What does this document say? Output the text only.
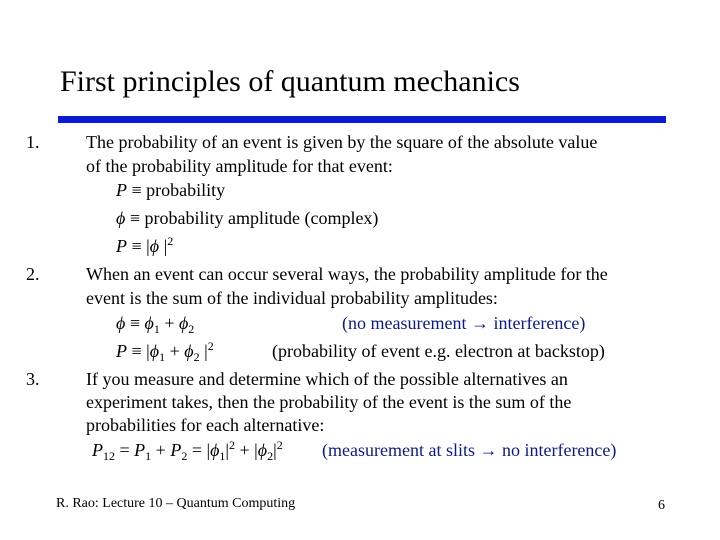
First principles of quantum mechanics
1.	The probability of an event is given by the square of the absolute value
of the probability amplitude for that event:
P ≡ probability
ϕ ≡ probability amplitude (complex)
P ≡ |ϕ $|^2$
2.	When an event can occur several ways, the probability amplitude for the
event is the sum of the individual probability amplitudes:
$\phi \equiv \phi_1 + \phi_2$	(no measurement → interference)
$P \equiv |\phi_1 + \phi_2$ $|^2$	(probability of event e.g. electron at backstop)
3.	If you measure and determine which of the possible alternatives an
experiment takes, then the probability of the event is the sum of the
probabilities for each alternative:
$P_{12} = P_1 + P_2 = |\phi_1|^2 + |\phi_2|^2$ (measurement at slits → no interference)
R. Rao: Lecture 10 – Quantum Computing	6
